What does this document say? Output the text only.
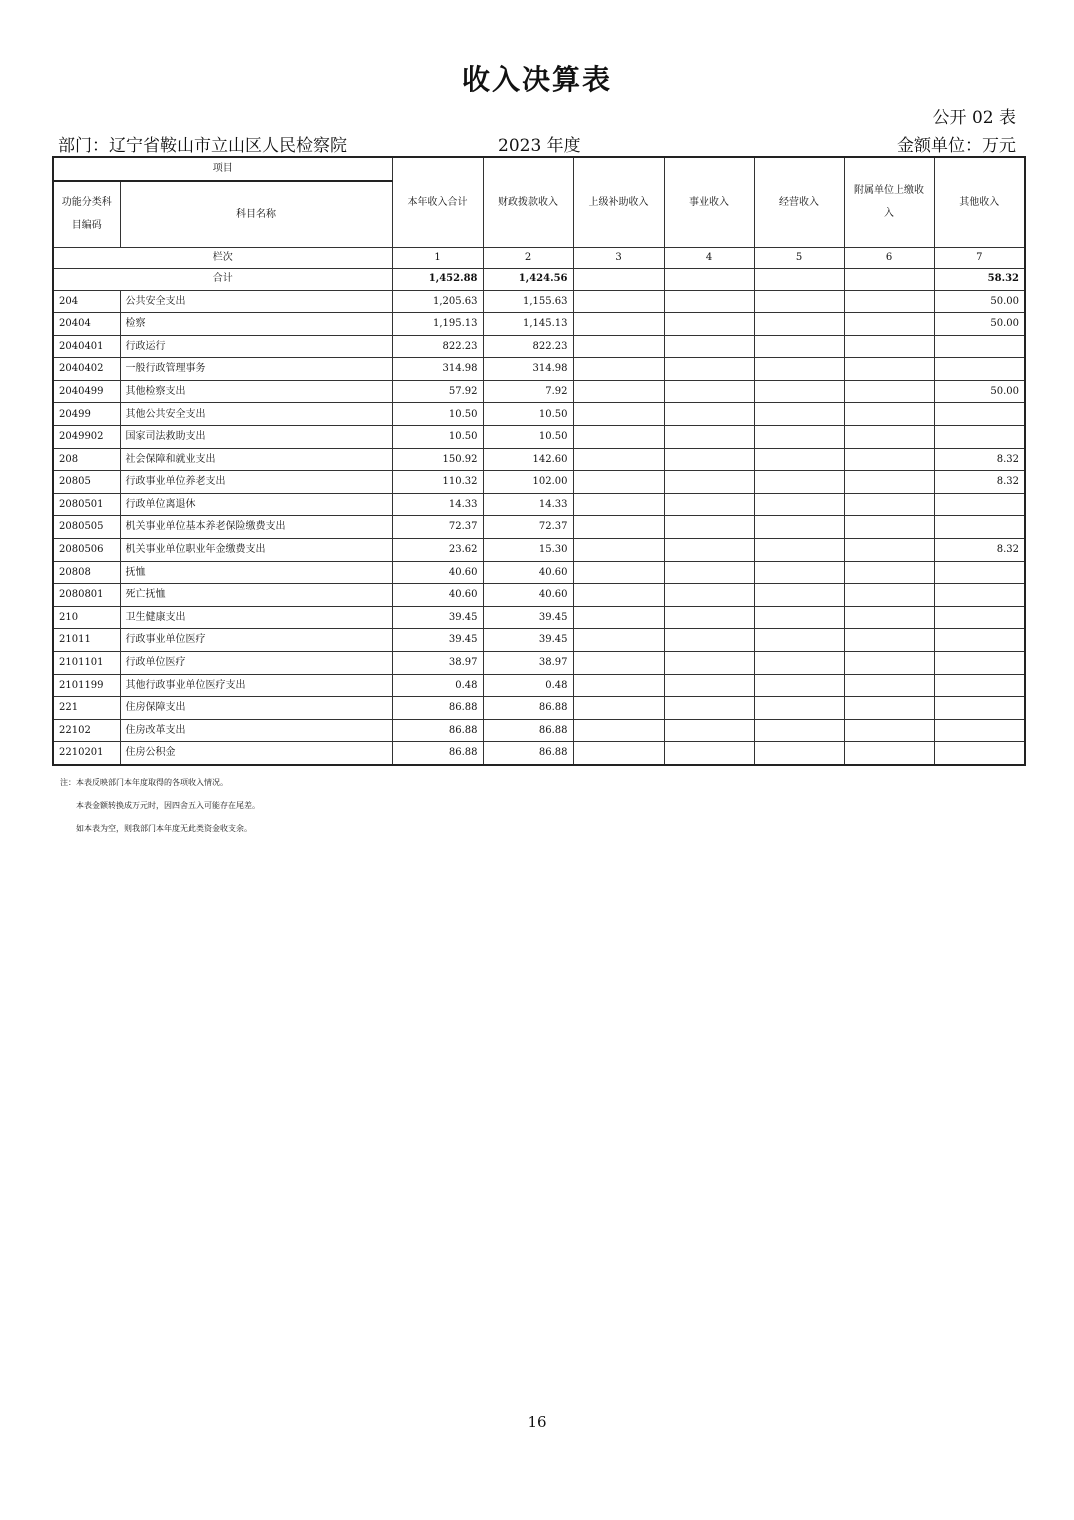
收入决算表
公开 02 表
部门：辽宁省鞍山市立山区人民检察院	2023 年度	金额单位：万元
项目		本年收入合计	财政拨款收入	上级补助收入	事业收入	经营收入	附属单位上缴收入	其他收入
功能分类科目编码	科目名称							
栏次		1	2	3	4	5	6	7
合计		1,452.88	1,424.56					58.32
204	公共安全支出	1,205.63	1,155.63					50.00
20404	检察	1,195.13	1,145.13					50.00
2040401	行政运行	822.23	822.23					
2040402	一般行政管理事务	314.98	314.98					
2040499	其他检察支出	57.92	7.92					50.00
20499	其他公共安全支出	10.50	10.50					
2049902	国家司法救助支出	10.50	10.50					
208	社会保障和就业支出	150.92	142.60					8.32
20805	行政事业单位养老支出	110.32	102.00					8.32
2080501	行政单位离退休	14.33	14.33					
2080505	机关事业单位基本养老保险缴费支出	72.37	72.37					
2080506	机关事业单位职业年金缴费支出	23.62	15.30					8.32
20808	抚恤	40.60	40.60					
2080801	死亡抚恤	40.60	40.60					
210	卫生健康支出	39.45	39.45					
21011	行政事业单位医疗	39.45	39.45					
2101101	行政单位医疗	38.97	38.97					
2101199	其他行政事业单位医疗支出	0.48	0.48					
221	住房保障支出	86.88	86.88					
22102	住房改革支出	86.88	86.88					
2210201	住房公积金	86.88	86.88					
注：本表反映部门本年度取得的各项收入情况。
本表金额转换成万元时，因四舍五入可能存在尾差。
如本表为空，则我部门本年度无此类资金收支余。
16
